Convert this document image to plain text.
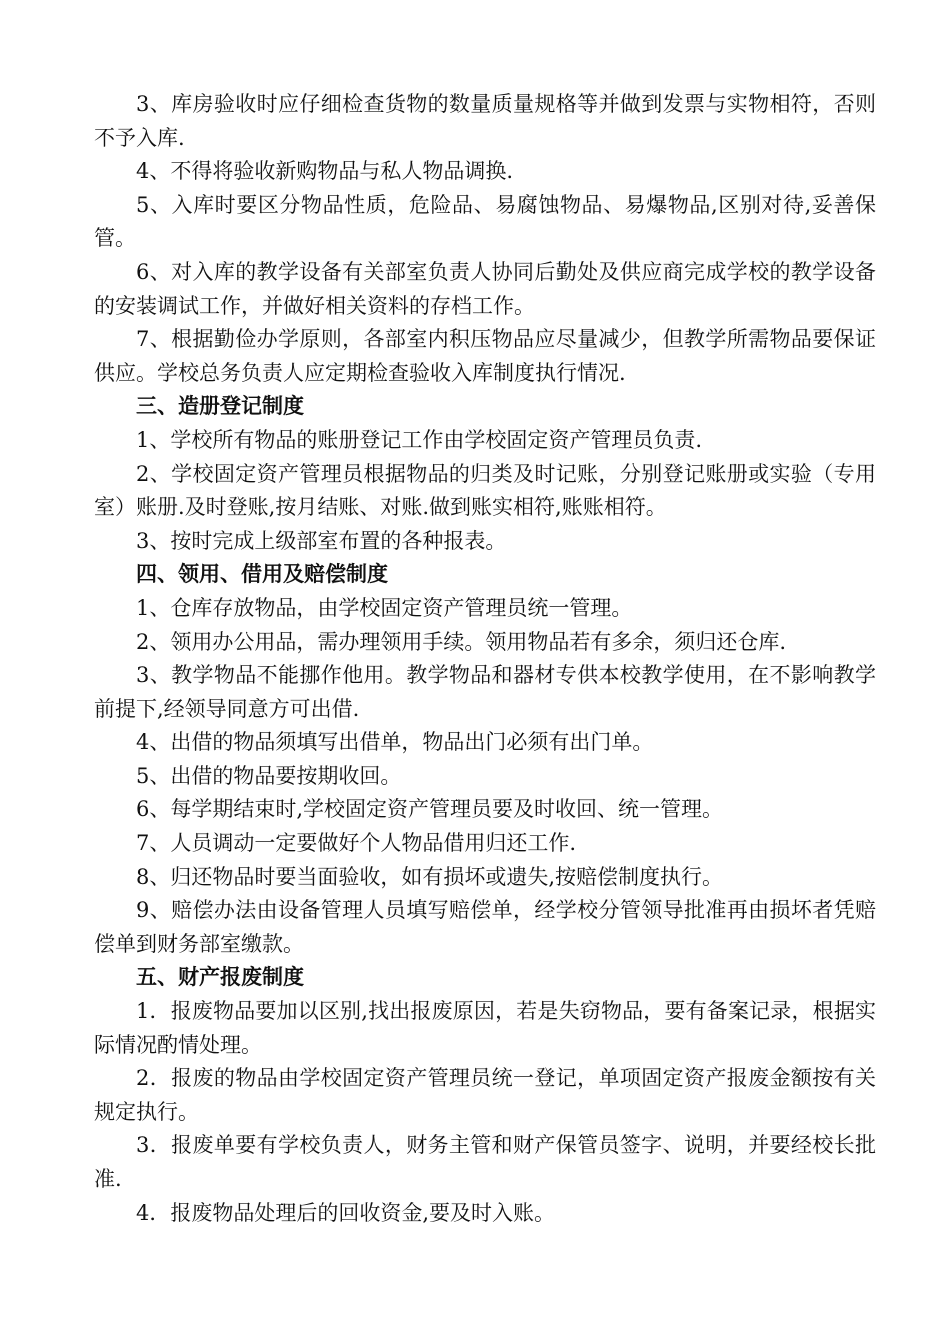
3、库房验收时应仔细检查货物的数量质量规格等并做到发票与实物相符，否则不予入库.

4、不得将验收新购物品与私人物品调换.

5、入库时要区分物品性质，危险品、易腐蚀物品、易爆物品,区别对待,妥善保管。

6、对入库的教学设备有关部室负责人协同后勤处及供应商完成学校的教学设备的安装调试工作，并做好相关资料的存档工作。

7、根据勤俭办学原则，各部室内积压物品应尽量减少，但教学所需物品要保证供应。学校总务负责人应定期检查验收入库制度执行情况.

三、造册登记制度

1、学校所有物品的账册登记工作由学校固定资产管理员负责.

2、学校固定资产管理员根据物品的归类及时记账，分别登记账册或实验（专用室）账册.及时登账,按月结账、对账.做到账实相符,账账相符。

3、按时完成上级部室布置的各种报表。

四、领用、借用及赔偿制度

1、仓库存放物品，由学校固定资产管理员统一管理。

2、领用办公用品，需办理领用手续。领用物品若有多余，须归还仓库.

3、教学物品不能挪作他用。教学物品和器材专供本校教学使用，在不影响教学前提下,经领导同意方可出借.

4、出借的物品须填写出借单，物品出门必须有出门单。

5、出借的物品要按期收回。

6、每学期结束时,学校固定资产管理员要及时收回、统一管理。

7、人员调动一定要做好个人物品借用归还工作.

8、归还物品时要当面验收，如有损坏或遗失,按赔偿制度执行。

9、赔偿办法由设备管理人员填写赔偿单，经学校分管领导批准再由损坏者凭赔偿单到财务部室缴款。

五、财产报废制度

1．报废物品要加以区别,找出报废原因，若是失窃物品，要有备案记录，根据实际情况酌情处理。

2．报废的物品由学校固定资产管理员统一登记，单项固定资产报废金额按有关规定执行。

3．报废单要有学校负责人，财务主管和财产保管员签字、说明，并要经校长批准.

4．报废物品处理后的回收资金,要及时入账。
